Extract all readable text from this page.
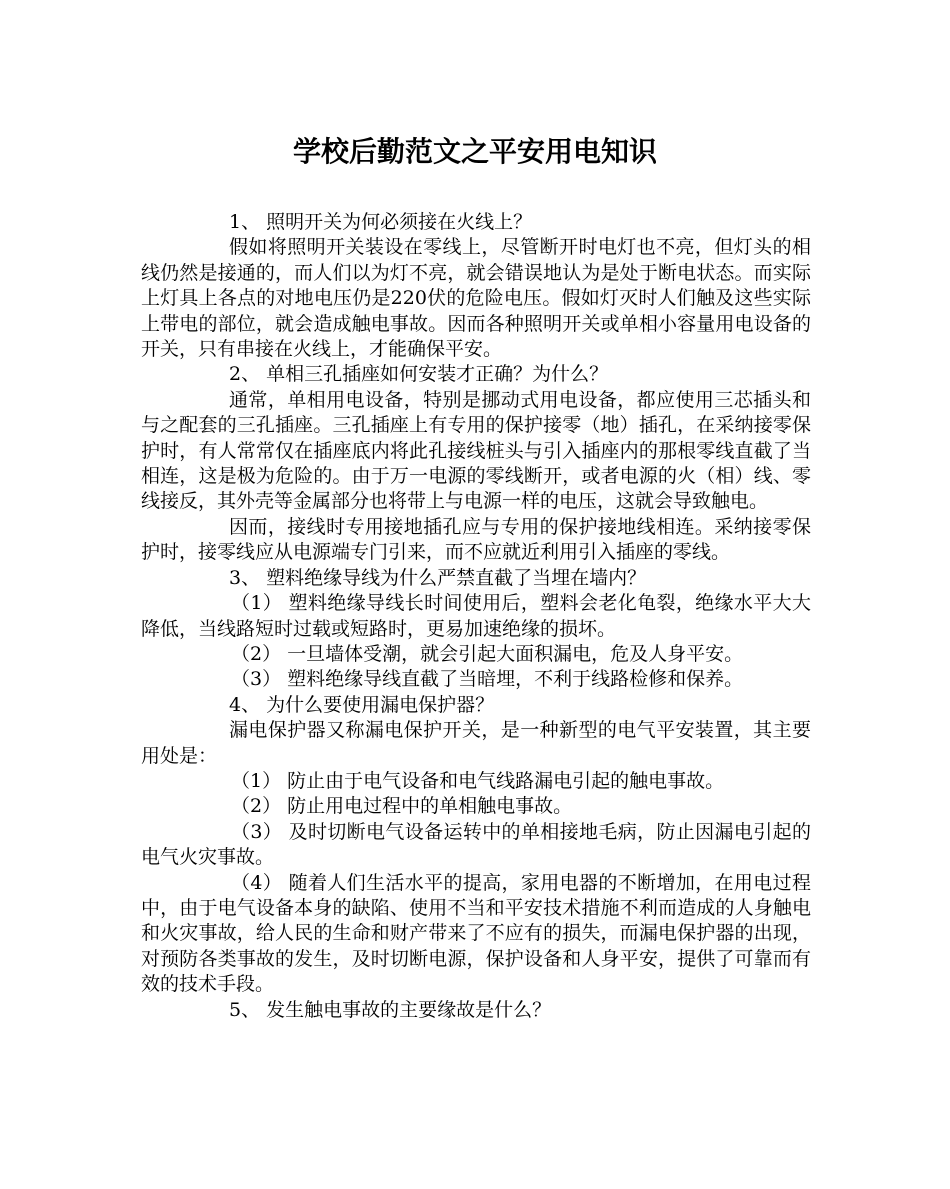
学校后勤范文之平安用电知识

1、 照明开关为何必须接在火线上？

假如将照明开关装设在零线上，尽管断开时电灯也不亮，但灯头的相线仍然是接通的，而人们以为灯不亮，就会错误地认为是处于断电状态。而实际上灯具上各点的对地电压仍是220伏的危险电压。假如灯灭时人们触及这些实际上带电的部位，就会造成触电事故。因而各种照明开关或单相小容量用电设备的开关，只有串接在火线上，才能确保平安。

2、 单相三孔插座如何安装才正确？为什么？

通常，单相用电设备，特别是挪动式用电设备，都应使用三芯插头和与之配套的三孔插座。三孔插座上有专用的保护接零（地）插孔，在采纳接零保护时，有人常常仅在插座底内将此孔接线桩头与引入插座内的那根零线直截了当相连，这是极为危险的。由于万一电源的零线断开，或者电源的火（相）线、零线接反，其外壳等金属部分也将带上与电源一样的电压，这就会导致触电。

因而，接线时专用接地插孔应与专用的保护接地线相连。采纳接零保护时，接零线应从电源端专门引来，而不应就近利用引入插座的零线。

3、 塑料绝缘导线为什么严禁直截了当埋在墙内？

（1） 塑料绝缘导线长时间使用后，塑料会老化龟裂，绝缘水平大大降低，当线路短时过载或短路时，更易加速绝缘的损坏。

（2） 一旦墙体受潮，就会引起大面积漏电，危及人身平安。

（3） 塑料绝缘导线直截了当暗埋，不利于线路检修和保养。

4、 为什么要使用漏电保护器？

漏电保护器又称漏电保护开关，是一种新型的电气平安装置，其主要用处是：

（1） 防止由于电气设备和电气线路漏电引起的触电事故。

（2） 防止用电过程中的单相触电事故。

（3） 及时切断电气设备运转中的单相接地毛病，防止因漏电引起的电气火灾事故。

（4） 随着人们生活水平的提高，家用电器的不断增加，在用电过程中，由于电气设备本身的缺陷、使用不当和平安技术措施不利而造成的人身触电和火灾事故，给人民的生命和财产带来了不应有的损失，而漏电保护器的出现，对预防各类事故的发生，及时切断电源，保护设备和人身平安，提供了可靠而有效的技术手段。

5、 发生触电事故的主要缘故是什么？
